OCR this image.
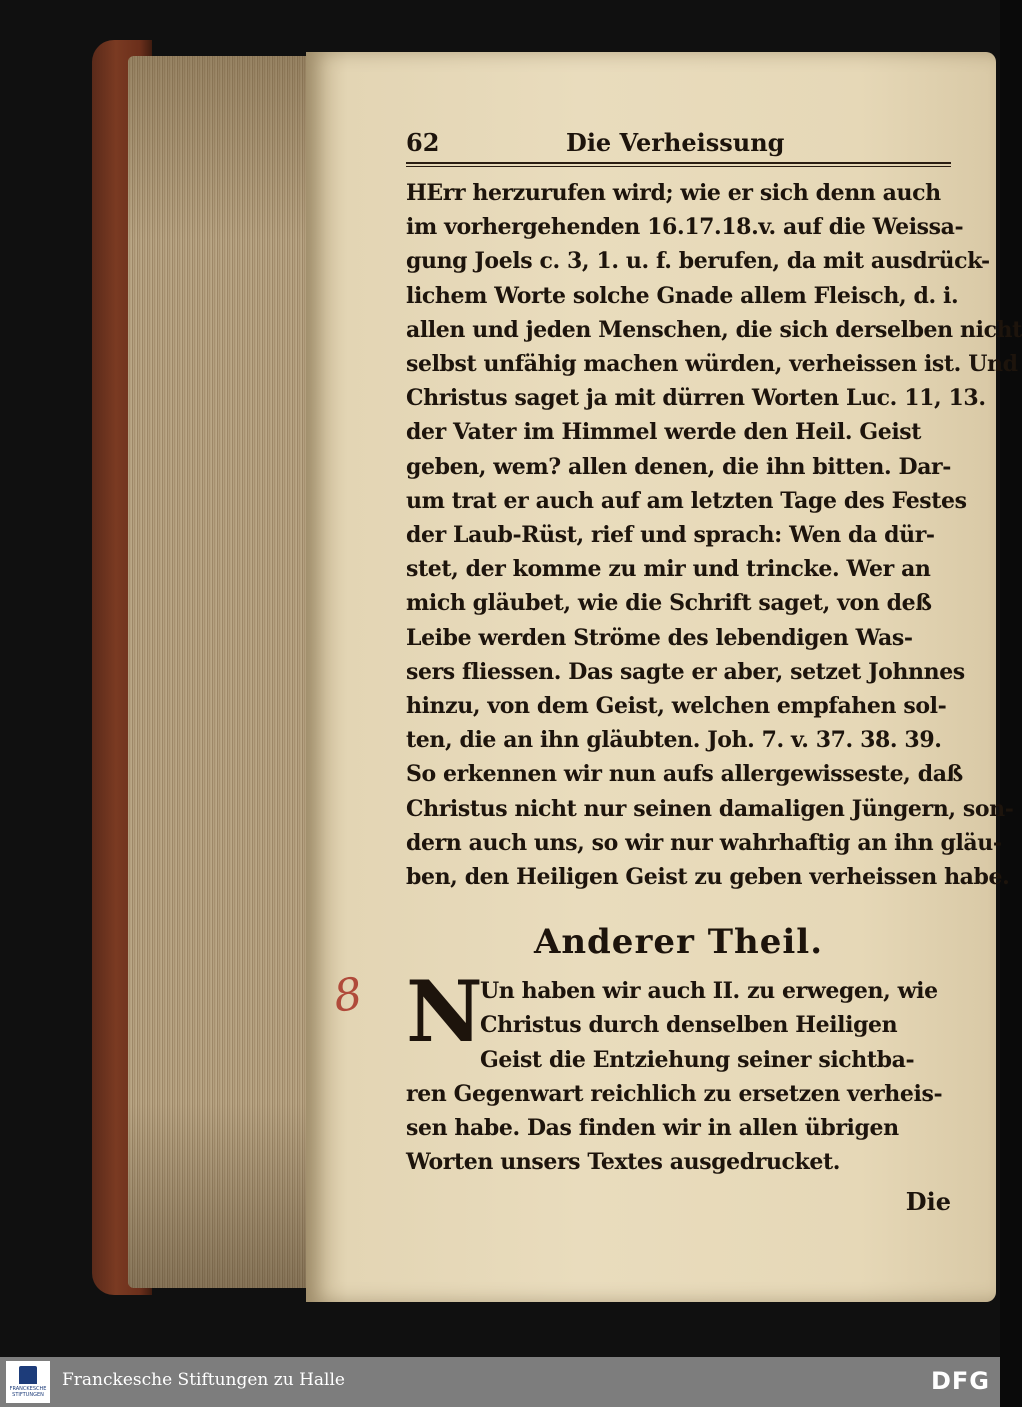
62	Die Verheissung
HErr herzurufen wird; wie er sich denn auch
im vorhergehenden 16.17.18.v. auf die Weissa-
gung Joels c. 3, 1. u. f. berufen, da mit ausdrück-
lichem Worte solche Gnade allem Fleisch, d. i.
allen und jeden Menschen, die sich derselben nicht
selbst unfähig machen würden, verheissen ist. Und
Christus saget ja mit dürren Worten Luc. 11, 13.
der Vater im Himmel werde den Heil. Geist
geben, wem? allen denen, die ihn bitten. Dar-
um trat er auch auf am letzten Tage des Festes
der Laub-Rüst, rief und sprach: Wen da dür-
stet, der komme zu mir und trincke. Wer an
mich gläubet, wie die Schrift saget, von deß
Leibe werden Ströme des lebendigen Was-
sers fliessen. Das sagte er aber, setzet Johnnes
hinzu, von dem Geist, welchen empfahen sol-
ten, die an ihn gläubten. Joh. 7. v. 37. 38. 39.
So erkennen wir nun aufs allergewisseste, daß
Christus nicht nur seinen damaligen Jüngern, son-
dern auch uns, so wir nur wahrhaftig an ihn gläu-
ben, den Heiligen Geist zu geben verheissen habe.
Anderer Theil.
N
Un haben wir auch II. zu erwegen, wie
Christus durch denselben Heiligen
Geist die Entziehung seiner sichtba-
ren Gegenwart reichlich zu ersetzen verheis-
sen habe. Das finden wir in allen übrigen
Worten unsers Textes ausgedrucket.
Die
8
FRANCKESCHE STIFTUNGEN
Franckesche Stiftungen zu Halle	DFG
